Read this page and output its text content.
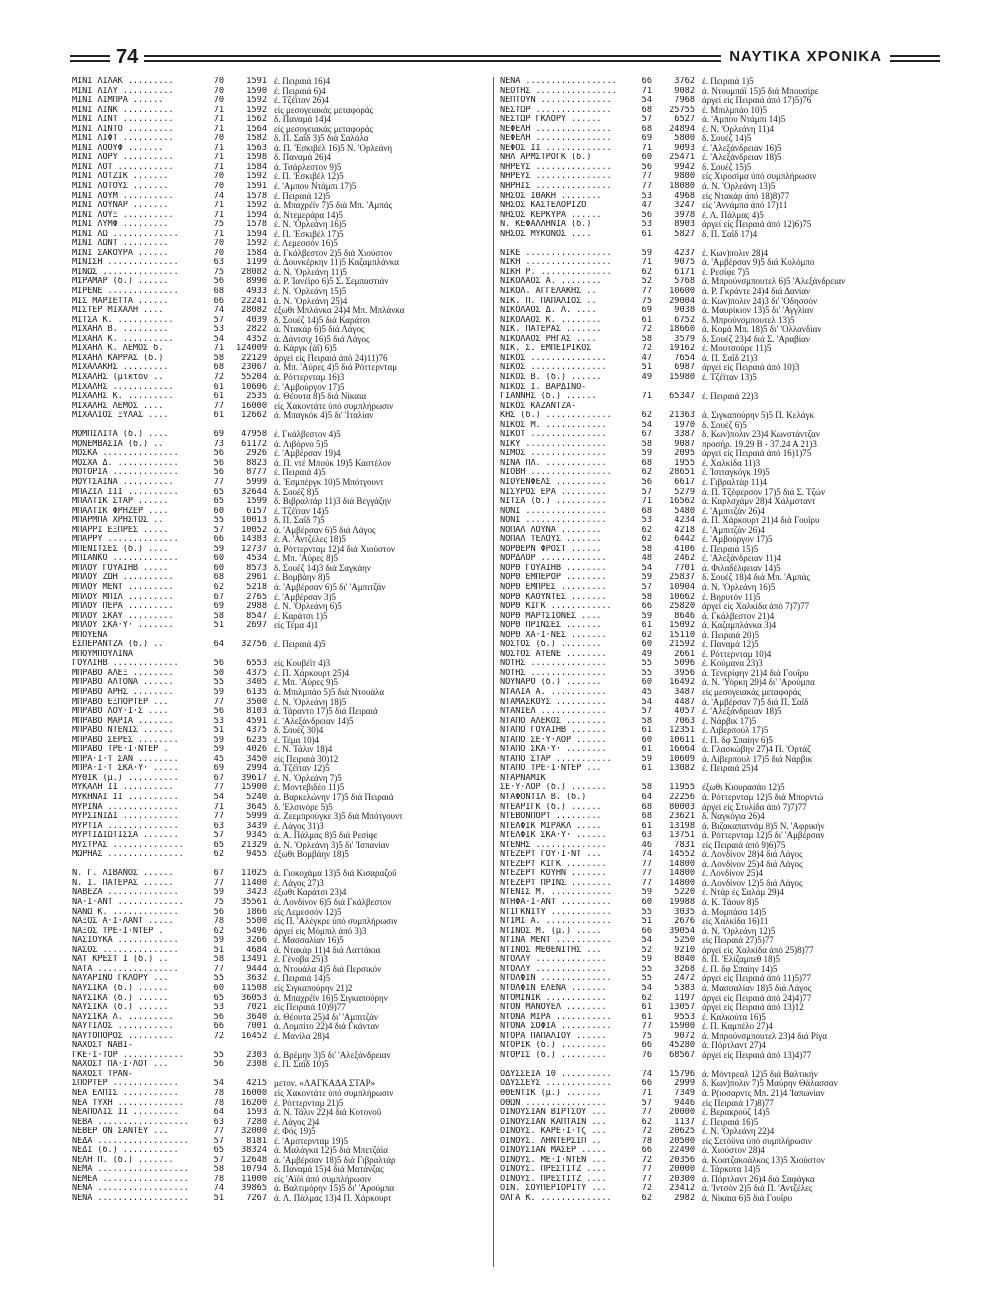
74	ΝΑΥΤΙΚΑ ΧΡΟΝΙΚΑ
ΜΙΝΙ ΛΙΛΑΚ .........	70	1591 έ. Πειραιά 16)4
ΜΙΝΙ ΛΙΛΥ ..........	70	1590 έ. Πειραιά 6)4
ΜΙΝΙ ΛΙΜΠΡΑ ......	70	1592 έ. Τζέϊταν 26)4
ΜΙΝΙ ΛΙΝΚ ..........	71	1592 είς μεσογειακάς μεταφοράς
ΜΙΝΙ ΛΙΝΤ ..........	71	1562 δ. Παναμά 14)4
ΜΙΝΙ ΛΙΝΤΟ .........	71	1564 είς μεσογειακάς μεταφοράς
ΜΙΝΙ ΛΙΦΤ ..........	70	1582 δ. Π. Σαΐδ 3)5 διά Σαλάλα
ΜΙΝΙ ΛΟΟΥΦ .......	71	1563 ά. Π. 'Εσκιβέλ 16)5 Ν. 'Ορλεάνη
ΜΙΝΙ ΛΟΡΥ ..........	71	1598 δ. Παναμά 26)4
ΜΙΝΙ ΛΟΤ ...........	71	1584 ά. Τσάρλεστον 9)5
ΜΙΝΙ ΛΟΤΖΙΚ .......	70	1592 έ. Π. 'Εσκιβέλ 12)5
ΜΙΝΙ ΛΟΤΟΥΣ .......	70	1591 έ. 'Αμπου Ντάμπι 17)5
ΜΙΝΙ ΛΟΥΜ ..........	74	1578 έ. Πειραιά 12)5
ΜΙΝΙ ΛΟΥΝΑΡ .......	71	1592 ά. Μπαχρέϊν 7)5 διά Μπ. 'Αμπάς
ΜΙΝΙ ΛΟΥΞ ..........	71	1594 ά. Ντεμεράρα 14)5
ΜΙΝΙ ΛΥΜΦ .........	75	1578 έ. Ν. 'Ορλεάνη 16)5
ΜΙΝΙ ΛΩ .............	71	1594 έ. Π. 'Εσκιβέλ 17)5
ΜΙΝΙ ΛΩΝΤ .........	70	1592 έ. Λεμεσσόν 16)5
ΜΙΝΙ ΣΑΚΟΥΡΑ ......	70	1584 ά. Γκάλβεστον 2)5 διά Χιούστον
ΜΙΝΙΣΗ ..............	63	1199 ά. Δουνκέρκην 11)5 Καζαμπλάνκα
ΜΙΝΩΣ ...............	75	28082 ά. Ν. 'Ορλεάνη 11)5
ΜΙΡΑΜΑΡ (δ.) ......	56	8990 ά. Ρ. Ίανέϊρο 6)5 Σ. Σεμπαστιάν
ΜΙΡΕΝΕ ..............	68	4933 έ. Ν. 'Ορλεάνη 15)5
ΜΙΣ ΜΑΡΙΕΤΤΑ ......	66	22241 ά. Ν. 'Ορλεάνη 25)4
ΜΙΣΤΕΡ ΜΙΧΑΛΗ ....	74	28082 έξωθι Μπλάνκα 24)4 Μπ. Μπλάνκα
ΜΙΤΣΑ Κ. ...........	57	4039 δ. Σουέζ 14)5 διά Καράτσι
ΜΙΧΑΗΛ Β. .........	53	2822 ά. Ντακάρ 6)5 διά Λάγος
ΜΙΧΑΗΛ Κ. ..........	54	4352 ά. Δάντσιχ 16)5 διά Λάγος
ΜΙΧΑΗΛ Κ. ΛΕΜΟΣ δ.	71	124009 ά. Κάργκ (άΐ) 6)5
ΜΙΧΑΗΛ ΚΑΡΡΑΣ (δ.)	58	22129 άργεί είς Πειραιά άπό 24)11)76
ΜΙΧΑΛΑΚΗΣ .........	68	23067 ά. Μπ. 'Αύρες 4)5 διά Ρόττερνταμ
ΜΙΧΑΛΗΣ (μικτόν ..	72	55204 ά. Ρόττερνταμ 16)3
ΜΙΧΑΛΗΣ ............	61	10606 έ. 'Αμβούργον 17)5
ΜΙΧΑΛΗΣ Κ. .........	61	2535 ά. Θέουτα 8)5 διά Νίκαια
ΜΙΧΑΛΗΣ ΛΕΜΟΣ ....	77	16000 είς Χακοντάτε ύπό συμπλήρωσιν
ΜΙΧΑΛΙΟΣ ΞΥΛΑΣ ....	61	12662 ά. Μπαγκόκ 4)5 δι' 'Ιταλίαν
ΜΟΜΠΙΛΙΤΑ (δ.) ....	69	47950 έ. Γκάλβεστον 4)5
ΜΟΝΕΜΒΑΣΙΑ (δ.) ..	73	61172 ά. Λιβόρνο 5)5
ΜΟΣΚΑ ...............	56	2926 έ. 'Αμβέρσαν 19)4
ΜΟΣΧΑ Δ. ............	56	8823 ά. Π. ντέ Μπούκ 19)5 Καστέλον
ΜΟΤΟΡΙΑ .............	56	8777 έ. Πειραιά 4)5
ΜΟΥΤΣΑΙΝΑ ..........	77	5999 ά. 'Εσμπέργκ 10)5 Μπότγουντ
ΜΠΑΖΙΛ III ..........	65	32644 δ. Σουέζ 8)5
ΜΠΑΛΤΙΚ ΣΤΑΡ ......	65	1599 δ. Βιβραλτάρ 11)3 διά Βεγγάζην
ΜΠΑΛΤΙΚ ΦΡΗΖΕΡ ....	60	6157 έ. Τζέϊταν 14)5
ΜΠΑΡΜΠΑ ΧΡΗΣΤΟΣ ..	55	10013 δ. Π. Σαΐδ 7)5
ΜΠΑΡΡΙ ΕΞΠΡΕΣ .....	57	10052 ά. 'Αμβέρσαν 6)5 διά Λάγος
ΜΠΑΡΡΥ ..............	66	14383 έ. Α. 'Αντζέλες 18)5
ΜΠΕΝΙΤΣΕΣ (δ.) ....	59	12737 ά. Ρόττερνταμ 12)4 διά Χιούστον
ΜΠΙΑΝΚΟ .............	60	4534 έ. Μπ. 'Αύρες 8)5
ΜΠΛΟΥ ΓΟΥΑΪΗΒ .....	60	8573 δ. Σουέζ 14)3 διά Σαγκάην
ΜΠΛΟΥ ΖΩΗ ..........	68	2961 έ. Βομβάην 8)5
ΜΠΛΟΥ ΜΕΝΤ .........	62	5218 ά. 'Αμβέρσαν 6)5 δι' 'Αμπιτζάν
ΜΠΛΟΥ ΜΠΙΛ .........	67	2765 έ. 'Αμβέρσαν 3)5
ΜΠΛΟΥ ΠΕΡΑ .........	69	2988 έ. Ν. 'Ορλεάνη 6)5
ΜΠΛΟΥ ΣΚΑΥ .........	58	8547 έ. Καράτσι 1)5
ΜΠΛΟΥ ΣΚΑ·Υ· .......	51	2697 είς Τέμα 4)1
ΜΠΟΥΕΝΑ
ΕΣΠΕΡΑΝΤΖΑ (δ.) ..	64	32756 έ. Πειραιά 4)5
ΜΠΟΥΜΠΟΥΛΙΝΑ
ΓΟΥΛΙΗΒ .............	56	6553 είς Κουβέϊτ 4)3
ΜΠΡΑΒΟ ΑΛΕΞ ........	50	4375 έ. Π. Χάρκουρτ 25)4
ΜΠΡΑΒΟ ΑΛΤΟΝΑ ......	55	3405 έ. Μπ. 'Αύρες 9)5
ΜΠΡΑΒΟ ΑΡΗΣ ........	59	6135 ά. Μπιλμπάο 5)5 διά Ντουάλα
ΜΠΡΑΒΟ ΕΞΠΟΡΤΕΡ ...	77	3500 έ. Ν. 'Ορλεάνη 18)5
ΜΠΡΑΒΟ ΛΟΥ·Ι·Σ ....	56	8103 ά. Τάραντο 17)5 διά Πειραιά
ΜΠΡΑΒΟ ΜΑΡΙΑ .......	53	4591 έ. 'Αλεξάνδρειαν 14)5
ΜΠΡΑΒΟ ΝΤΕΝΙΣ ......	51	4375 δ. Σουέζ 30)4
ΜΠΡΑΒΟ ΣΕΡΕΣ ........	59	6235 έ. Τέμα 10)4
ΜΠΡΑΒΟ ΤΡΕ·Ι·ΝΤΕΡ .	59	4026 έ. Ν. Τάλιν 18)4
ΜΠΡΑ·Ι·Τ ΣΑΝ ........	45	3450 είς Πειραιά 30)12
ΜΠΡΑ·Ι·Τ ΣΚΑ·Υ· .....	69	2994 ά. Τζέϊταν 12)5
ΜΥΘΙΚ (μ.) ..........	67	39617 έ. Ν. 'Ορλεάνη 7)5
ΜΥΚΑΛΗ II ..........	77	15900 έ. Μοντεβιδέο 11)5
ΜΥΚΗΝΑΙ II ..........	54	5240 ά. Βαρκελώνην 17)5 διά Πειραιά
ΜΥΡΙΝΑ ..............	71	3645 δ. 'Ελσινόρε 5)5
ΜΥΡΣΙΝΙΔΙ ...........	77	5999 ά. Ζεεμπρούγκε 3)5 διά Μπότγουντ
ΜΥΡΤΙΑ ..............	63	3439 έ. Λάγος 31)3
ΜΥΡΤΙΔΙΩΤΙΣΣΑ .......	57	9345 ά. Α. Πάλμας 8)5 διά Ρεσίφε
ΜΥΣΤΡΑΣ ..............	65	21329 ά. Ν. 'Ορλεάνη 3)5 δι' 'Ισπανίαν
ΜΩΡΗΑΣ ...............	62	9455 έξωθι Βομβάην 18)5
Ν. Γ. ΛΙΒΑΝΟΣ ......	67	11025 ά. Γιοκοχάμα 13)5 διά Κισαραζοῦ
Ν. Ι. ΠΑΤΕΡΑΣ ......	77	11400 έ. Λάγος 27)3
ΝΑΒΕΖΑ ..............	59	3423 έξωθι Καράτσι 23)4
ΝΑ·Ι·ΑΝΤ .............	75	35561 ά. Λονδίνον 6)5 διά Γκάλβεστον
ΝΑΝΩ Κ. .............	56	1866 είς Λεμεσσόν 12)5
ΝΑΞΟΣ Α·Ι·ΛΑΝΤ .....	78	5500 είς Π. 'Αλέγκρε ύπό συμπλήρωσιν
ΝΑΞΟΣ ΤΡΕ·Ι·ΝΤΕΡ .	62	5496 άργεί είς Μόμπιλ άπό 3)3
ΝΑΣΙΟΥΚΑ ............	59	3266 έ. Μασσαλίαν 16)5
ΝΑΣΟΣ ...............	51	4684 ά. Ντακάρ 11)4 διά Λαττάκια
ΝΑΤ ΚΡΕΣΤ Ι (δ.) ..	58	13491 έ. Γένοβα 25)3
ΝΑΤΑ ................	77	9444 ά. Ντουάλα 4)5 διά Περσικόν
ΝΑΥΑΡΙΝΟ ΓΚΛΟΡΥ ...	55	3632 έ. Πειραιά 14)5
ΝΑΥΣΙΚΑ (δ.) ......	60	11508 είς Σιγκαπούρην 21)2
ΝΑΥΣΙΚΑ (δ.) ......	65	36053 ά. Μπαχρέϊν 16)5 Σιγκαπούρην
ΝΑΥΣΙΚΑ (δ.) ......	53	7021 είς Πειραιά 10)9)77
ΝΑΥΣΙΚΑ Λ. .........	56	3640 ά. Θέουτα 25)4 δι' 'Αμπιτζάν
ΝΑΥΤΙΛΟΣ ...........	66	7001 ά. Λομπίτο 22)4 διά Γκάνταν
ΝΑΥΤΟΠΟΡΟΣ .........	72	16452 έ. Μανίλα 28)4
ΝΑΧΟΣΤ ΝΑΒΙ-
ΓΚΕ·Ι·ΤΟΡ ............	55	2303 ά. Βρέμην 3)5 δι' 'Αλεξάνδρειαν
ΝΑΧΟΣΤ ΠΑ·Ι·ΛΟΤ ...	56	2308 έ. Π. Σαΐδ 10)5
ΝΑΧΟΣΤ ΤΡΑΝ-
ΣΠΟΡΤΕΡ .............	54	4215 μετον. «ΛΑΓΚΑΔΑ ΣΤΑΡ»
ΝΕΑ ΕΛΠΙΣ ...........	78	16000 είς Χακοντάτε ύπό συμπλήρωσιν
ΝΕΑ ΤΥΧΗ .............	78	16200 έ. Ρόττερνταμ 21)5
ΝΕΑΠΟΛΙΣ II .........	64	1593 ά. Ν. Τάλιν 22)4 διά Κοτονοῦ
ΝΕΒΑ ..................	63	7280 έ. Λάγος 2)4
ΝΕΒΕΡ ΟΝ ΣΑΝΤΕΥ ...	77	32000 έ. Φός 19)5
ΝΕΔΑ ..................	57	8181 έ. 'Αμστερνταμ 19)5
ΝΕΔΙ (δ.) ...........	65	38324 ά. Μαλάγκα 12)5 διά Μπετζάϊα
ΝΕΛΗ Π. (δ.) .......	57	12648 ά. 'Αμβέρσαν 18)5 διά Γιβραλτάρ
ΝΕΜΑ ..................	58	10794 δ. Παναμά 15)4 διά Ματάνζας
ΝΕΜΕΑ .................	78	11000 είς 'Αϊόϊ άπό συμπλήρωσιν
ΝΕΝΑ ..................	74	39865 ά. Βαλτιμόρην 15)5 δι' 'Αρούμπα
ΝΕΝΑ ..................	51	7267 ά. Λ. Πάλμας 13)4 Π. Χάρκουρτ
ΝΕΝΑ ..................	66	3762 έ. Πειραιά 1)5
ΝΕΟΤΗΣ ................	71	9082 ά. Ντουμπάϊ 15)5 διά Μπουσίρε
ΝΕΠΤΟΥΝ ..............	54	7968 άργεί είς Πειραιά άπό 17)5)76
ΝΕΣΤΩΡ ...............	68	25755 έ. Μπιλμπάο 10)5
ΝΕΣΤΩΡ ΓΚΛΟΡΥ ......	57	6527 ά. 'Αμπου Ντάμπι 14)5
ΝΕΦΕΛΗ ...............	68	24894 έ. Ν. 'Ορλεάνη 11)4
ΝΕΦΕΛΗ ...............	69	5800 δ. Σουέζ 14)5
ΝΕΦΟΣ II .............	71	9093 έ. 'Αλεξάνδρειαν 16)5
ΝΗΛ ΑΡΜΣΤΡΟΓΚ (δ.)	60	25471 έ. 'Αλεξάνδρειαν 18)5
ΝΗΡΕΥΣ ...............	56	9942 δ. Σουέζ 15)5
ΝΗΡΕΥΣ ...............	77	9800 είς Χιροσίμα ύπό συμπλήρωσιν
ΝΗΡΗΙΣ ...............	77	18080 ά. Ν. 'Ορλεάνη 13)5
ΝΗΣΟΣ ΙΘΑΚΗ ........	53	4968 είς Ντακάρ άπό 18)8)77
ΝΗΣΟΣ ΚΑΣΤΕΛΟΡΙΖΟ	47	3247 είς 'Αννάμπα άπό 17)11
ΝΗΣΟΣ ΚΕΡΚΥΡΑ ......	56	3978 έ. Λ. Πάλμας 4)5
Ν. ΚΕΦΑΛΛΗΝΙΑ (δ.)	53	8903 άργεί είς Πειραιά άπό 12)6)75
ΝΗΣΟΣ ΜΥΚΟΝΟΣ ....	61	5827 δ. Π. Σαΐδ 17)4
ΝΙΚΕ .................	59	4237 έ. Κων)πολιν 28)4
ΝΙΚΗ .................	71	9075 ά. 'Αμβέρσαν 9)5 διά Κολόμπο
ΝΙΚΗ Ρ. ..............	62	6171 έ. Ρεσίφε 7)5
ΝΙΚΟΛΑΟΣ Α. ........	52	5768 ά. Μπρούνσμπουτελ 6)5 'Αλεξάνδρειαν
ΝΙΚΟΛ. ΑΓΓΕΛΑΚΗΣ ..	77	10600 ά. Ρ. Γκράντε 24)4 διά Δανίαν
ΝΙΚ. Π. ΠΑΠΑΛΙΟΣ ..	75	29004 ά. Κων)πολιν 24)3 δι' 'Οδησσόν
ΝΙΚΟΛΑΟΣ Δ. Λ. ....	69	9038 ά. Μαυρίκιον 13)5 δι' 'Αγγλίαν
ΝΙΚΟΛΑΟΣ Κ. ........	61	6752 δ. Μπρούνσμπουτελ 13)5
ΝΙΚ. ΠΑΤΕΡΑΣ .......	72	18660 ά. Κομά Μπ. 18)5 δι' 'Ολλανδίαν
ΝΙΚΟΛΑΟΣ ΡΗΓΑΣ ....	58	3579 δ. Σουέζ 23)4 διά Σ. 'Αραβίαν
ΝΙΚ. Σ. ΕΜΠΕΙΡΙΚΟΣ	72	19162 έ. Μουτσούρε 11)5
ΝΙΚΟΣ ...............	47	7654 ά. Π. Σαΐδ 21)3
ΝΙΚΟΣ ...............	51	6987 άργεί είς Πειραιά άπό 10)3
ΝΙΚΟΣ Β. (δ.) ......	49	15980 έ. Τζέϊταν 13)5
ΝΙΚΟΣ Ι. ΒΑΡΔΙΝΟ-
ΓΙΑΝΝΗΣ (δ.) ......	71	65347 έ. Πειραιά 22)3
ΝΙΚΟΣ ΚΑΖΑΝΤΖΑ-
ΚΗΣ (δ.) .............	62	21363 ά. Σιγκαπούρην 5)5 Π. Κελάγκ
ΝΙΚΟΣ Μ. ............	54	1970 δ. Σουέζ 6)5
ΝΙΚΟΤ ...............	67	3387 δ. Κων)πολιν 23)4 Κωνστάντζαν
ΝΙΚΥ ................	58	9087 προσήρ. 19.29 Β - 37.24 Α 21)3
ΝΙΜΟΣ ...............	59	2095 άργεί είς Πειραιά άπό 16)1)75
ΝΙΝΑ ΠΛ. ............	68	1955 έ. Χαλκίδα 11)3
ΝΙΟΒΗ ................	62	28651 έ. Ίσιταγκόγκ 19)5
ΝΙΟΥΕΝΦΕΛΣ ..........	56	6617 έ. Γιβραλτάρ 11)4
ΝΙΣΥΡΟΣ ΕΡΑ .........	57	5279 ά. Π. Τζέφερσον 17)5 διά Σ. Τζών
ΝΙΤΣΑ (δ.) ..........	71	16562 ά. Καρλσχάμν 28)4 Χάλμσταντ
ΝΟΝΙ ................	68	5480 έ. 'Αμπιτζάν 26)4
ΝΟΝΙ ................	53	4234 ά. Π. Χάρκουρτ 21)4 διά Γουΐρυ
ΝΟΠΑΛ ΛΟΥΝΑ ........	62	4218 έ. 'Αμπιτζάν 26)4
ΝΟΠΑΛ ΤΕΛΟΥΣ .......	62	6442 έ. 'Αμβούργον 17)5
ΝΟΡΘΕΡΝ ΦΡΟΣΤ ......	58	4106 έ. Πειραιά 15)5
ΝΟΡΔΛΟΡ .............	48	2462 έ. 'Αλεξάνδρειαν 11)4
ΝΟΡΘ ΓΟΥΑΪΗΒ ........	54	7701 ά. Φιλαδέλφειαν 14)5
ΝΟΡΘ ΕΜΠΕΡΟΡ ........	59	25837 δ. Σουέζ 18)4 διά Μπ. 'Αμπάς
ΝΟΡΘ ΕΜΠΡΕΣ .........	57	10904 ά. Ν. 'Ορλεάνη 16)5
ΝΟΡΘ ΚΑΟΥΝΤΕΣ .......	58	10662 έ. Βηρυτόν 11)5
ΝΟΡΘ ΚΙΓΚ ............	66	25820 άργεί είς Χαλκίδα άπό 7)7)77
ΝΟΡΘ ΜΑΡΤΣΙΟΝΕΣ ....	59	8646 ά. Γκάλβεστον 21)4
ΝΟΡΘ ΠΡΙΝΣΕΣ .......	61	15092 ά. Καζαμπλάνκα 3)4
ΝΟΡΘ ΧΑ·Ι·ΝΕΣ .......	62	15110 ά. Πειραιά 20)5
ΝΟΣΤΟΣ (δ.) ........	60	21592 έ. Παναμά 12)5
ΝΟΣΤΟΣ ΑΤΕΝΕ ........	49	2661 έ. Ρόττερνταμ 10)4
ΝΟΤΗΣ ...............	55	5096 έ. Κούμανα 23)3
ΝΟΤΗΣ ...............	55	3956 ά. Τενερίφην 21)4 διά Γουΐρυ
ΝΟΥΝΑΡΟ (δ.) .......	60	16492 ά. Ν. 'Υόρκη 29)4 δι' 'Αρούμπα
ΝΤΑΛΙΑ Α. ...........	45	3487 είς μεσογειακάς μεταφοράς
ΝΤΑΜΑΣΚΟΥΣ ..........	54	4487 ά. 'Αμβέρσαν 7)5 διά Π. Σαΐδ
ΝΤΑΝΙΕΛ .............	57	4057 έ. 'Αλεξάνδρειαν 18)5
ΝΤΑΠΟ ΑΛΕΚΟΣ ........	58	7063 έ. Νάρβικ 17)5
ΝΤΑΠΟ ΓΟΥΑΪΗΒ .......	61	12351 έ. Λιβερπούλ 17)5
ΝΤΑΠΟ ΣΕ·Υ·ΛΟΡ ......	60	10611 έ. Π. δφ Σπαίην 6)5
ΝΤΑΠΟ ΣΚΑ·Υ· ........	61	16664 ά. Γλασκώβην 27)4 Π. 'Ορτάζ
ΝΤΑΠΟ ΣΤΑΡ ...........	59	10609 ά. Λίβερπουλ 17)5 διά Νάρβικ
ΝΤΑΠΟ ΤΡΕ·Ι·ΝΤΕΡ ...	61	13082 έ. Πειραιά 25)4
ΝΤΑΡΝΑΜΙΚ
ΣΕ·Υ·ΛΟΡ (δ.) .......	58	11955 έξωθι Κιουρασάο 12)5
ΝΤΑΦΟΝΤΙΛ Β. (δ.)	64	22256 ά. Ρόττερνταμ 12)5 διά Μπορντώ
ΝΤΕΑΡΙΓΚ (δ.) ......	68	80003 άργεί είς Στυλίδα άπό 7)7)77
ΝΤΕΒΟΝΠΟΡΤ .........	68	23621 δ. Ναγκόγια 26)4
ΝΤΕΛΦΙΚ ΜΙΡΑΚΛ .....	61	13198 ά. Βιζακαπατνάμ 8)5 Ν. 'Αφρικήν
ΝΤΕΛΦΙΚ ΣΚΑ·Υ· ......	63	13751 ά. Ρόττερνταμ 12)5 δι' 'Αμβέρσαν
ΝΤΕΝΗΣ ..............	46	7831 είς Πειραιά άπό 9)6)75
ΝΤΕΖΕΡΤ ΓΟΥ·Ι·ΝΤ ...	74	14552 ά. Λονδίνον 28)4 διά Λάγος
ΝΤΕΖΕΡΤ ΚΙΓΚ ........	77	14800 ά. Λονδίνον 25)4 διά Λάγος
ΝΤΕΖΕΡΤ ΚΟΥΗΝ .......	77	14800 έ. Λονδίνον 25)4
ΝΤΕΖΕΡΤ ΠΡΙΝΣ ........	77	14800 ά. Λονδίνον 12)5 διά Λάγος
ΝΤΕΝΙΣ Μ. ............	59	5220 έ. Ντάρ ές Σαλάμ 29)4
ΝΤΗΦΑ·Ι·ΑΝΤ ..........	60	19988 ά. Κ. Τάουν 8)5
ΝΤΙΓΚΝΙΤΥ ............	55	3035 ά. Μομπάσα 14)5
ΝΤΙΜΙ Α. .............	51	2676 είς Χαλκίδα 16)11
ΝΤΙΝΟΣ Μ. (μ.) .....	66	39054 ά. Ν. 'Ορλεάνη 12)5
ΝΤΙΝΑ ΜΕΝΤ ...........	54	5250 είς Πειραιά 27)5)77
ΝΤΙΝΟΣ ΜΕΘΕΝΙΤΗΣ ...	52	9210 άργεί είς Χαλκίδα άπό 25)8)77
ΝΤΟΛΛΥ ..............	59	8840 δ. Π. 'Ελίζαμπεθ 18)5
ΝΤΟΛΛΥ ..............	55	3268 έ. Π. δφ Σπαίην 14)5
ΝΤΟΛΦΙΝ ..............	55	2472 άργεί είς Πειραιά άπό 11)5)77
ΝΤΟΛΦΙΝ ΕΛΕΝΑ .......	54	5383 ά. Μασσαλίαν 18)5 διά Λάγος
ΝΤΟΜΙΝΙΚ ............	62	1197 άργεί είς Πειραιά άπό 24)4)77
ΝΤΟΝ ΜΑΝΟΥΕΛ ........	61	13057 άργεί είς Πειραιά άπό 13)12
ΝΤΟΝΑ ΜΙΡΑ ...........	61	9553 έ. Καλκούτα 16)5
ΝΤΟΝΑ ΣΟΦΙΑ ..........	77	15900 έ. Π. Καμπέλο 27)4
ΝΤΟΡΑ ΠΑΠΑΛΙΟΥ ......	75	9072 ά. Μπρούνσμπουτελ 23)4 διά Ρίγα
ΝΤΟΡΙΚ (δ.) .........	66	45280 ά. Πόρτλαντ 27)4
ΝΤΟΡΙΣ (δ.) .........	76	68567 άργεί είς Πειραιά άπό 13)4)77
ΟΔΥΣΣΕΙΑ 10 ..........	74	15796 ά. Μόντρεαλ 12)5 διά Βαλτικήν
ΟΔΥΣΣΕΥΣ .............	66	2999 δ. Κων)πολιν 7)5 Μαύρην Θάλασσαν
ΘΘΕΝΤΙΚ (μ.) .......	71	7349 ά. Ρ(ιοσαρντς Μπ. 21)4 'Ιαπωνίαν
ΟΘΩΝ ................	57	9446 είς Πειραιά 17)8)77
ΟΙΝΟΥΣΙΑΝ ΒΙΡΤΣΟΥ ...	77	20000 έ. Βερακρούζ 14)5
ΟΙΝΟΥΣΙΑΝ ΚΑΠΤΑΙΝ ...	62	1137 έ. Πειραιά 16)5
ΟΙΝΟΥΣ. ΚΑΡΕ·Ι·Τζ ...	72	20625 έ. Ν. 'Ορλεάνη 22)4
ΟΙΝΟΥΣ. ΛΗΝΤΕΡΣΙΠ ..	78	20500 είς Σετόϋνα ύπό συμπλήρωσιν
ΟΙΝΟΥΣΙΑΝ ΜΑΣΕΡ .....	66	22490 ά. Χιούστον 28)4
ΟΙΝΟΥΣ. ΜΕ·Ι·ΝΤΕΝ ...	72	20356 ά. Κοατζακοάλκος 13)5 Χιούστον
ΟΙΝΟΥΣ. ΠΡΕΣΤΙΤΖ ....	77	20000 έ. Τάρκοτα 14)5
ΟΙΝΟΥΣ. ΠΡΕΣΤΙΤΖ ....	77	20300 ά. Πόρτλαντ 26)4 διά Σαφάγκα
ΟΙΝ. ΣΟΥΠΕΡΙΟΡΙΤΥ ...	72	23412 ά. 'Ιντσόν 2)5 διά Π. 'Αντζέλες
ΟΛΓΑ Κ. ..............	62	2982 ά. Νίκαια 6)5 διά Γουΐρυ
